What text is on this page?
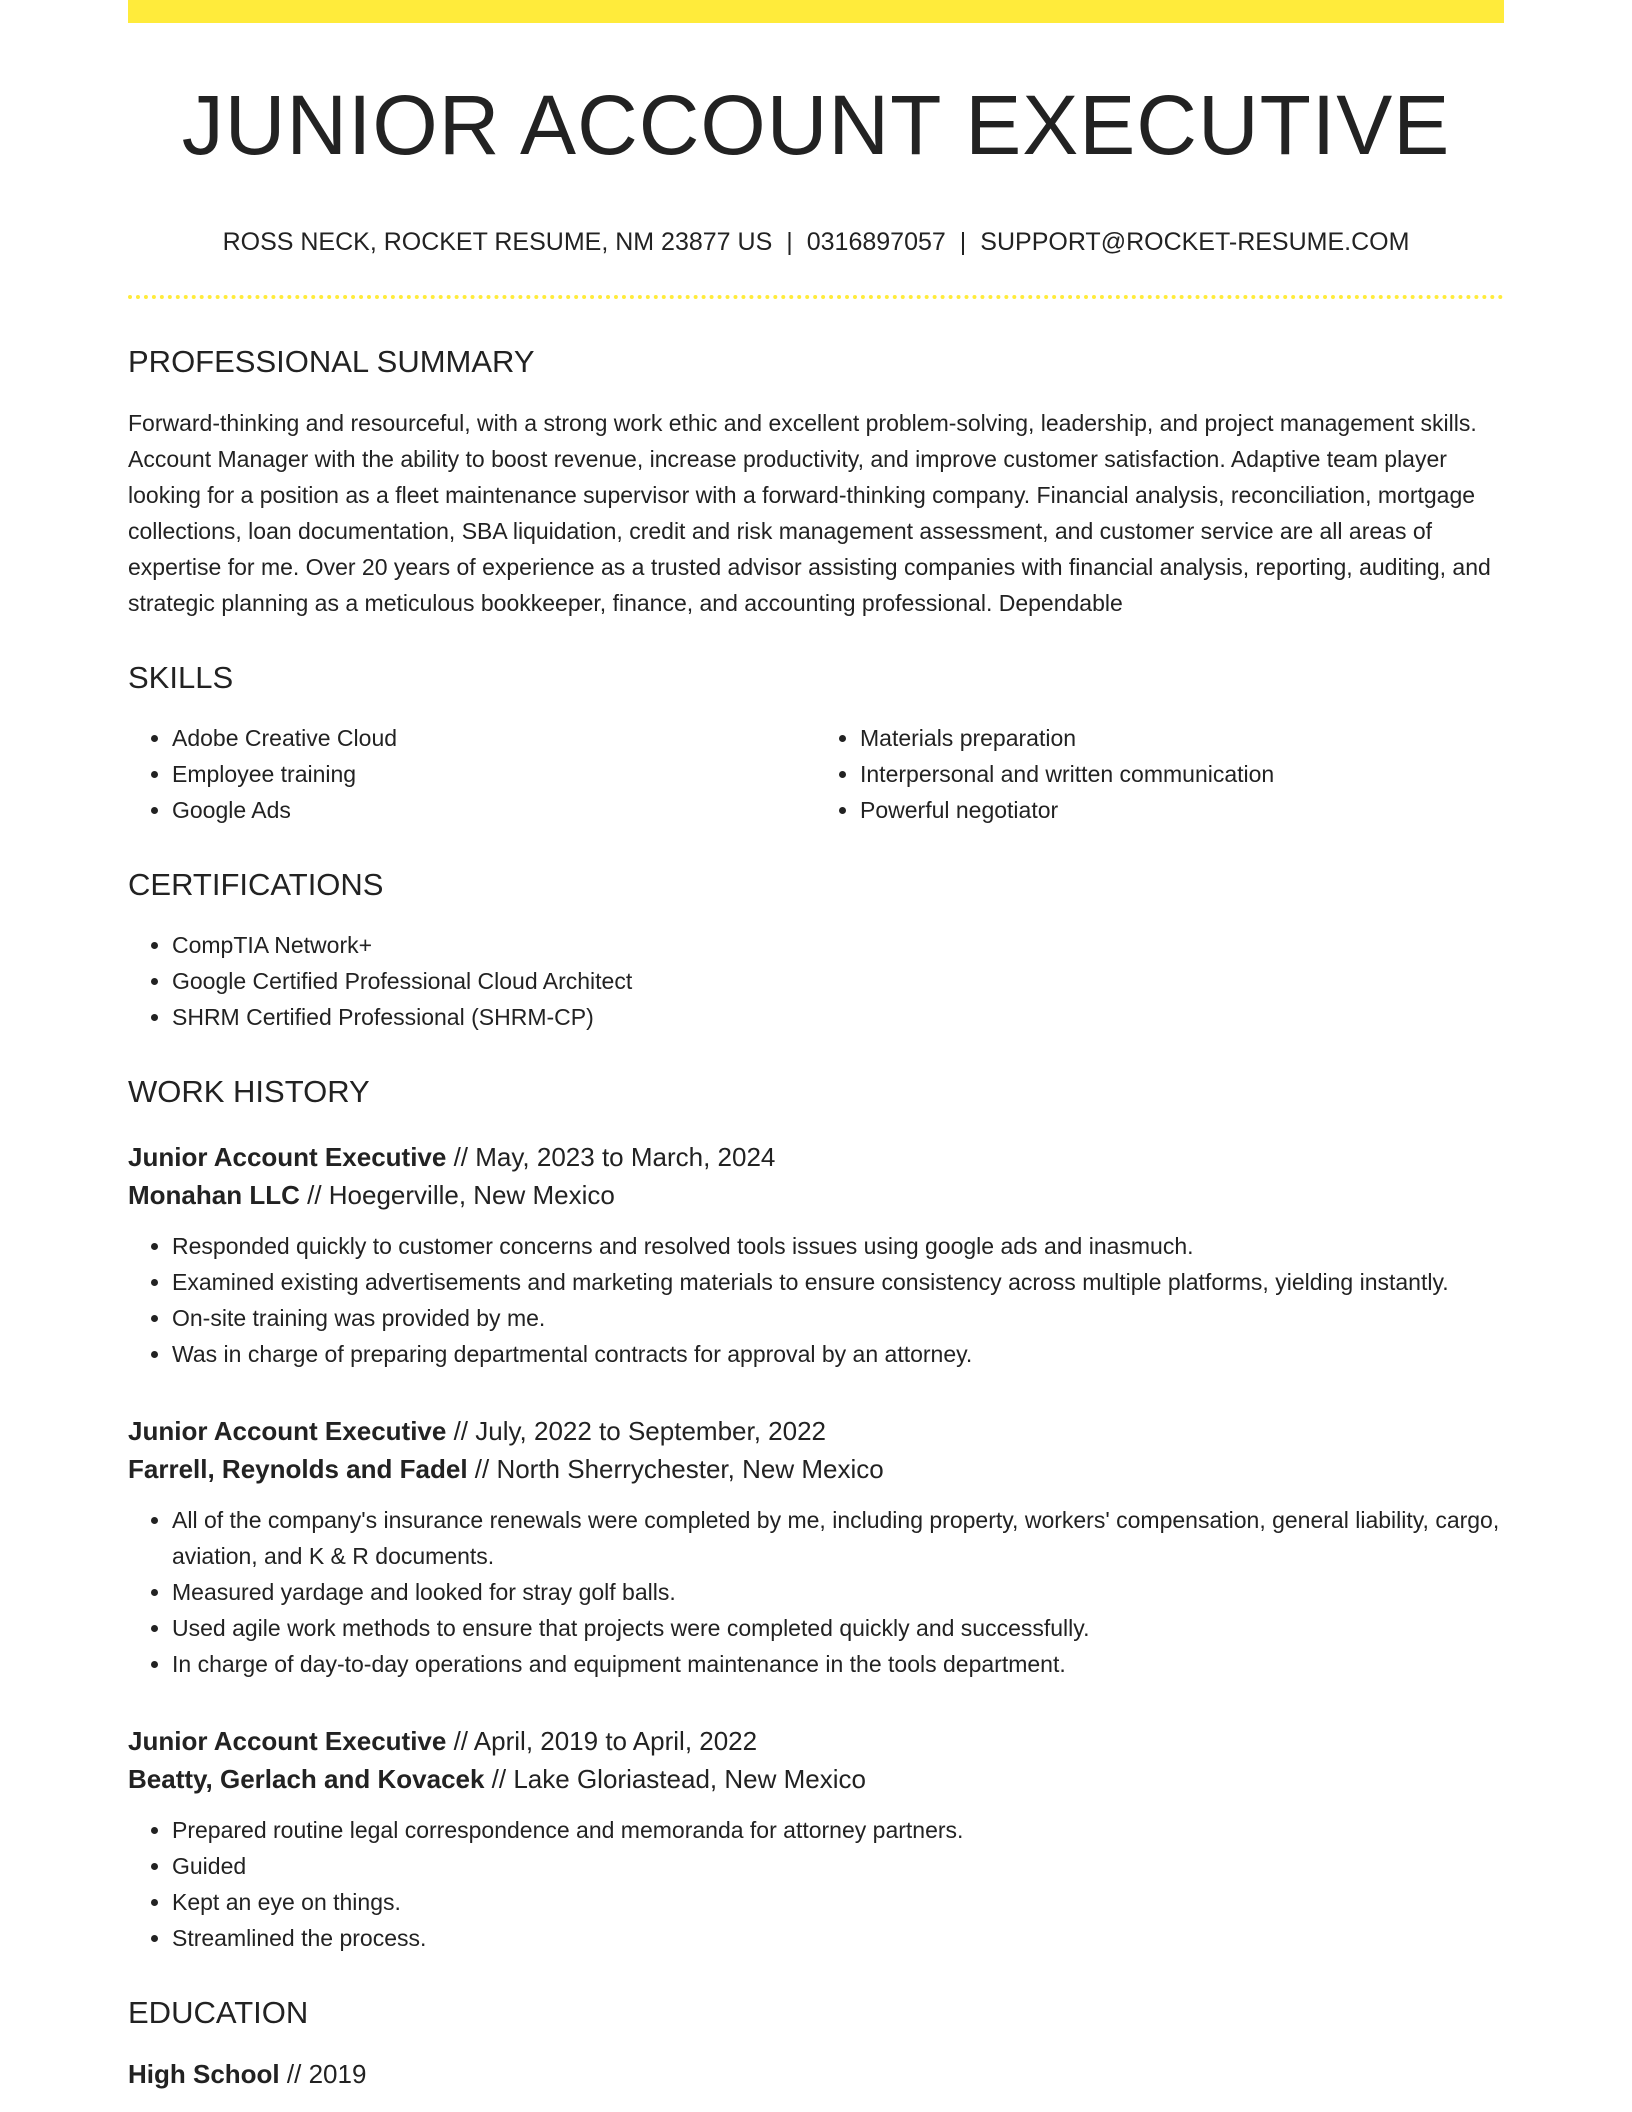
JUNIOR ACCOUNT EXECUTIVE
ROSS NECK, ROCKET RESUME, NM 23877 US | 0316897057 | SUPPORT@ROCKET-RESUME.COM
PROFESSIONAL SUMMARY

Forward-thinking and resourceful, with a strong work ethic and excellent problem-solving, leadership, and project management skills. Account Manager with the ability to boost revenue, increase productivity, and improve customer satisfaction. Adaptive team player looking for a position as a fleet maintenance supervisor with a forward-thinking company. Financial analysis, reconciliation, mortgage collections, loan documentation, SBA liquidation, credit and risk management assessment, and customer service are all areas of expertise for me. Over 20 years of experience as a trusted advisor assisting companies with financial analysis, reporting, auditing, and strategic planning as a meticulous bookkeeper, finance, and accounting professional. Dependable

SKILLS
• Adobe Creative Cloud
• Employee training
• Google Ads
• Materials preparation
• Interpersonal and written communication
• Powerful negotiator
CERTIFICATIONS
• CompTIA Network+
• Google Certified Professional Cloud Architect
• SHRM Certified Professional (SHRM-CP)
WORK HISTORY
Junior Account Executive // May, 2023 to March, 2024
Monahan LLC // Hoegerville, New Mexico
• Responded quickly to customer concerns and resolved tools issues using google ads and inasmuch.
• Examined existing advertisements and marketing materials to ensure consistency across multiple platforms, yielding instantly.
• On-site training was provided by me.
• Was in charge of preparing departmental contracts for approval by an attorney.
Junior Account Executive // July, 2022 to September, 2022
Farrell, Reynolds and Fadel // North Sherrychester, New Mexico
• All of the company's insurance renewals were completed by me, including property, workers' compensation, general liability, cargo, aviation, and K & R documents.
• Measured yardage and looked for stray golf balls.
• Used agile work methods to ensure that projects were completed quickly and successfully.
• In charge of day-to-day operations and equipment maintenance in the tools department.
Junior Account Executive // April, 2019 to April, 2022
Beatty, Gerlach and Kovacek // Lake Gloriastead, New Mexico
• Prepared routine legal correspondence and memoranda for attorney partners.
• Guided
• Kept an eye on things.
• Streamlined the process.
EDUCATION
High School // 2019
